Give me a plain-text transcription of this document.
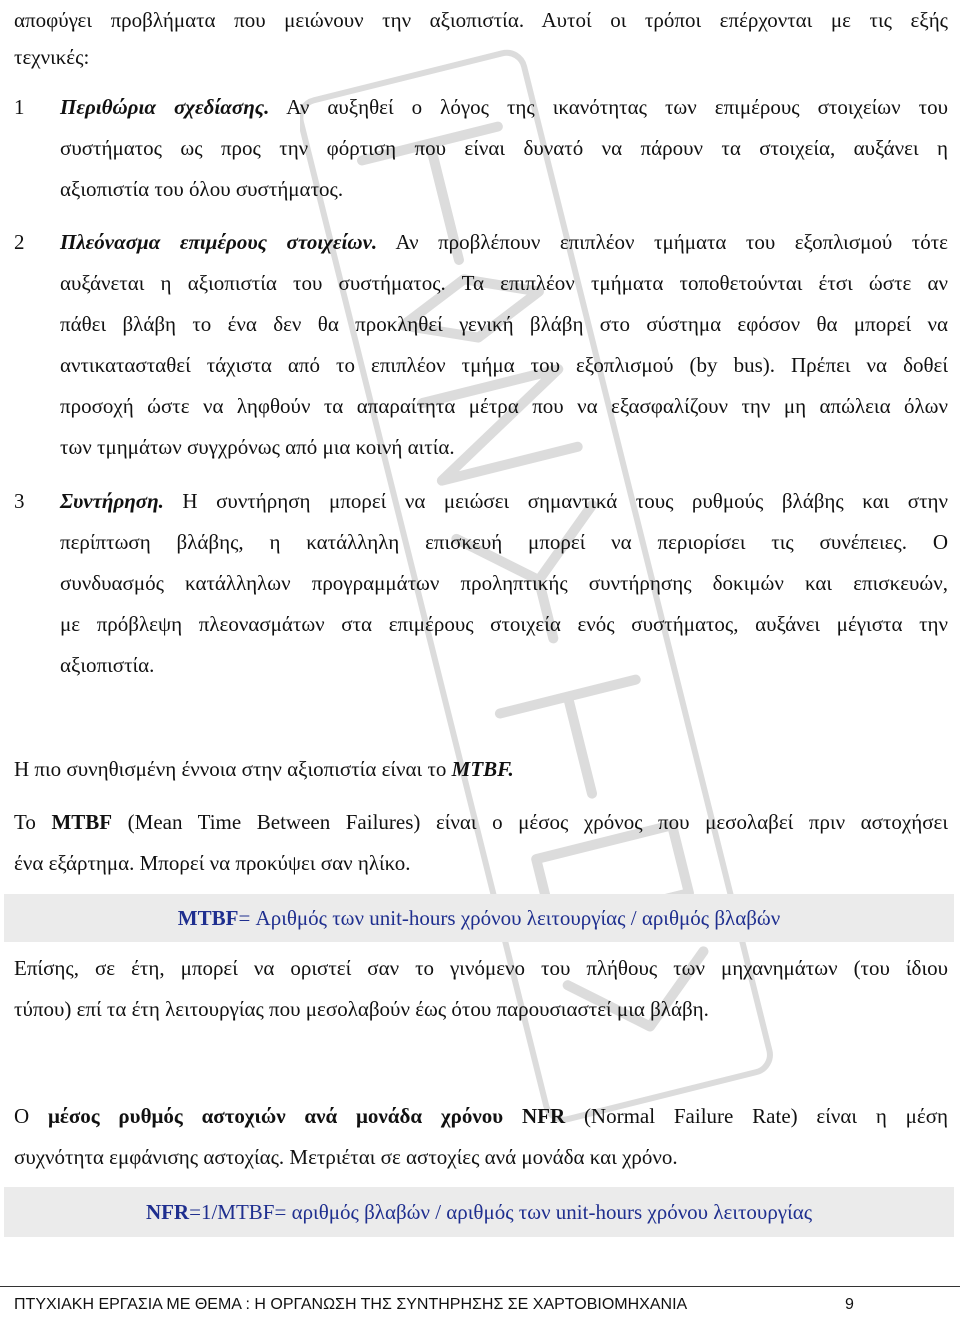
αποφύγει προβλήματα που μειώνουν την αξιοπιστία. Αυτοί οι τρόποι επέρχονται με τις εξής
τεχνικές:
1 Περιθώρια σχεδίασης. Αν αυξηθεί ο λόγος της ικανότητας των επιμέρους στοιχείων του
συστήματος ως προς την φόρτιση που είναι δυνατό να πάρουν τα στοιχεία, αυξάνει η
αξιοπιστία του όλου συστήματος.
2 Πλεόνασμα επιμέρους στοιχείων. Αν προβλέπουν επιπλέον τμήματα του εξοπλισμού τότε
αυξάνεται η αξιοπιστία του συστήματος. Τα επιπλέον τμήματα τοποθετούνται έτσι ώστε αν
πάθει βλάβη το ένα δεν θα προκληθεί γενική βλάβη στο σύστημα εφόσον θα μπορεί να
αντικατασταθεί τάχιστα από το επιπλέον τμήμα του εξοπλισμού (by bus). Πρέπει να δοθεί
προσοχή ώστε να ληφθούν τα απαραίτητα μέτρα που να εξασφαλίζουν την μη απώλεια όλων
των τμημάτων συγχρόνως από μια κοινή αιτία.
3 Συντήρηση. Η συντήρηση μπορεί να μειώσει σημαντικά τους ρυθμούς βλάβης και στην
περίπτωση βλάβης, η κατάλληλη επισκευή μπορεί να περιορίσει τις συνέπειες. Ο
συνδυασμός κατάλληλων προγραμμάτων προληπτικής συντήρησης δοκιμών και επισκευών,
με πρόβλεψη πλεονασμάτων στα επιμέρους στοιχεία ενός συστήματος, αυξάνει μέγιστα την
αξιοπιστία.
Η πιο συνηθισμένη έννοια στην αξιοπιστία είναι το MTBF.
Το MTBF (Mean Time Between Failures) είναι ο μέσος χρόνος που μεσολαβεί πριν αστοχήσει
ένα εξάρτημα. Μπορεί να προκύψει σαν ηλίκο.
MTBF= Αριθμός των unit-hours χρόνου λειτουργίας / αριθμός βλαβών
Επίσης, σε έτη, μπορεί να οριστεί σαν το γινόμενο του πλήθους των μηχανημάτων (του ίδιου
τύπου) επί τα έτη λειτουργίας που μεσολαβούν έως ότου παρουσιαστεί μια βλάβη.
Ο μέσος ρυθμός αστοχιών ανά μονάδα χρόνου NFR (Normal Failure Rate) είναι η μέση
συχνότητα εμφάνισης αστοχίας. Μετριέται σε αστοχίες ανά μονάδα και χρόνο.
NFR=1/MTBF= αριθμός βλαβών / αριθμός των unit-hours χρόνου λειτουργίας
ΠΤΥΧΙΑΚΗ ΕΡΓΑΣΙΑ ΜΕ ΘΕΜΑ : Η ΟΡΓΑΝΩΣΗ ΤΗΣ ΣΥΝΤΗΡΗΣΗΣ ΣΕ ΧΑΡΤΟΒΙΟΜΗΧΑΝΙΑ	9
